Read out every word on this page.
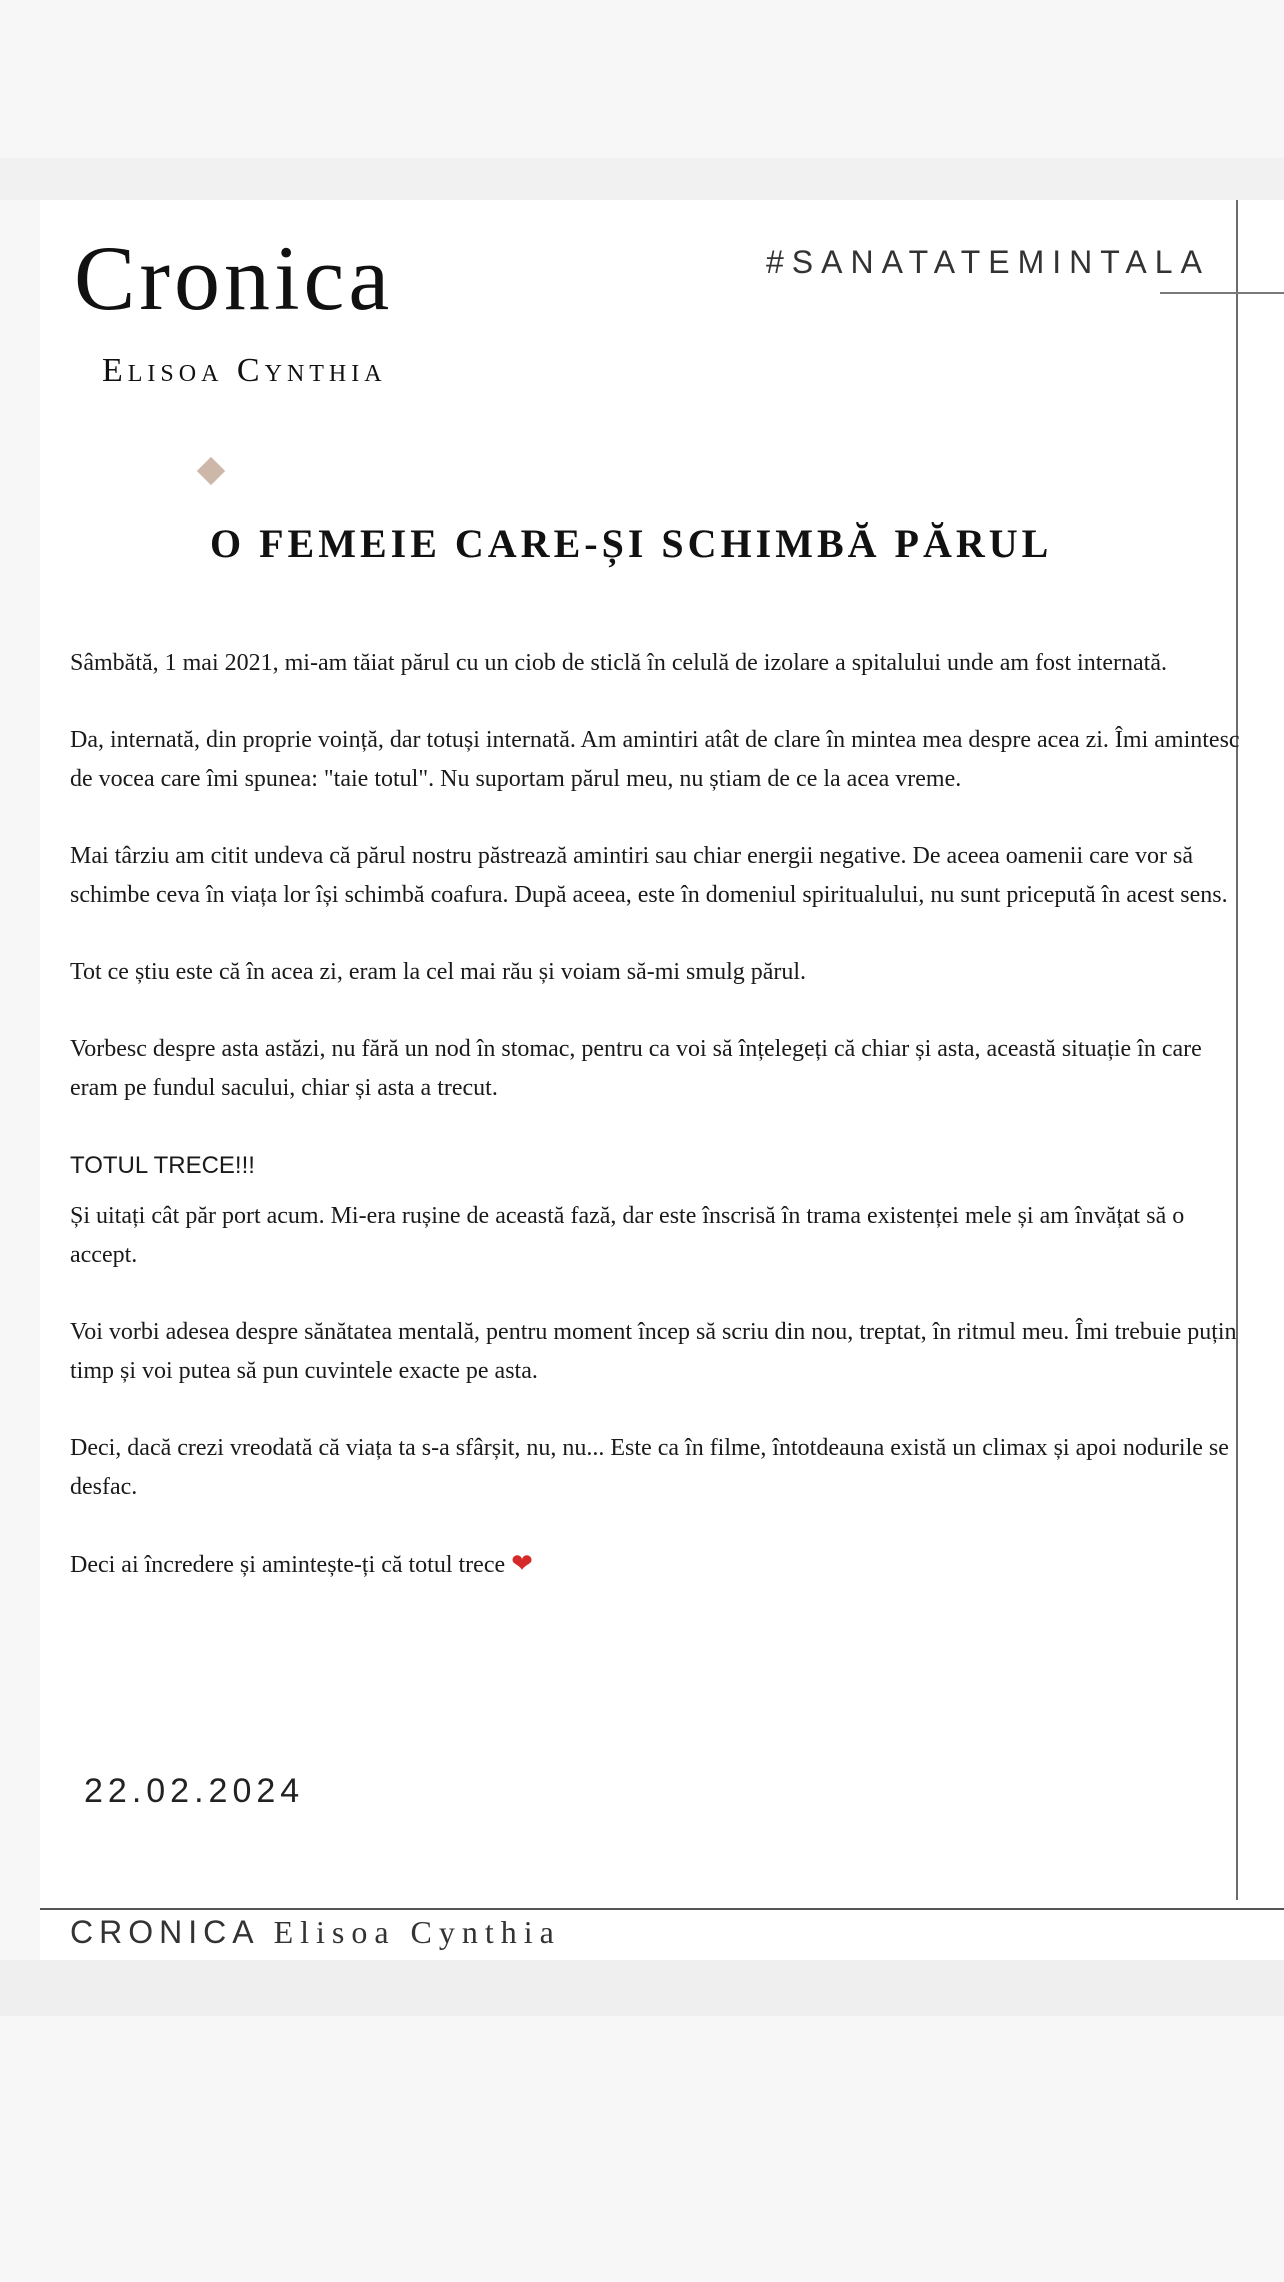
Cronica
Elisoa Cynthia
#SANATATEMINTALA
O FEMEIE CARE-ȘI SCHIMBĂ PĂRUL

Sâmbătă, 1 mai 2021, mi-am tăiat părul cu un ciob de sticlă în celulă de izolare a spitalului unde am fost internată.

Da, internată, din proprie voință, dar totuși internată. Am amintiri atât de clare în mintea mea despre acea zi. Îmi amintesc de vocea care îmi spunea: "taie totul". Nu suportam părul meu, nu știam de ce la acea vreme.

Mai târziu am citit undeva că părul nostru păstrează amintiri sau chiar energii negative. De aceea oamenii care vor să schimbe ceva în viața lor își schimbă coafura. După aceea, este în domeniul spiritualului, nu sunt pricepută în acest sens.

Tot ce știu este că în acea zi, eram la cel mai rău și voiam să-mi smulg părul.

Vorbesc despre asta astăzi, nu fără un nod în stomac, pentru ca voi să înțelegeți că chiar și asta, această situație în care eram pe fundul sacului, chiar și asta a trecut.

TOTUL TRECE!!!

Și uitați cât păr port acum. Mi-era rușine de această fază, dar este înscrisă în trama existenței mele și am învățat să o accept.

Voi vorbi adesea despre sănătatea mentală, pentru moment încep să scriu din nou, treptat, în ritmul meu. Îmi trebuie puțin timp și voi putea să pun cuvintele exacte pe asta.

Deci, dacă crezi vreodată că viața ta s-a sfârșit, nu, nu... Este ca în filme, întotdeauna există un climax și apoi nodurile se desfac.

Deci ai încredere și amintește-ți că totul trece ❤

22.02.2024
CRONICA Elisoa Cynthia
